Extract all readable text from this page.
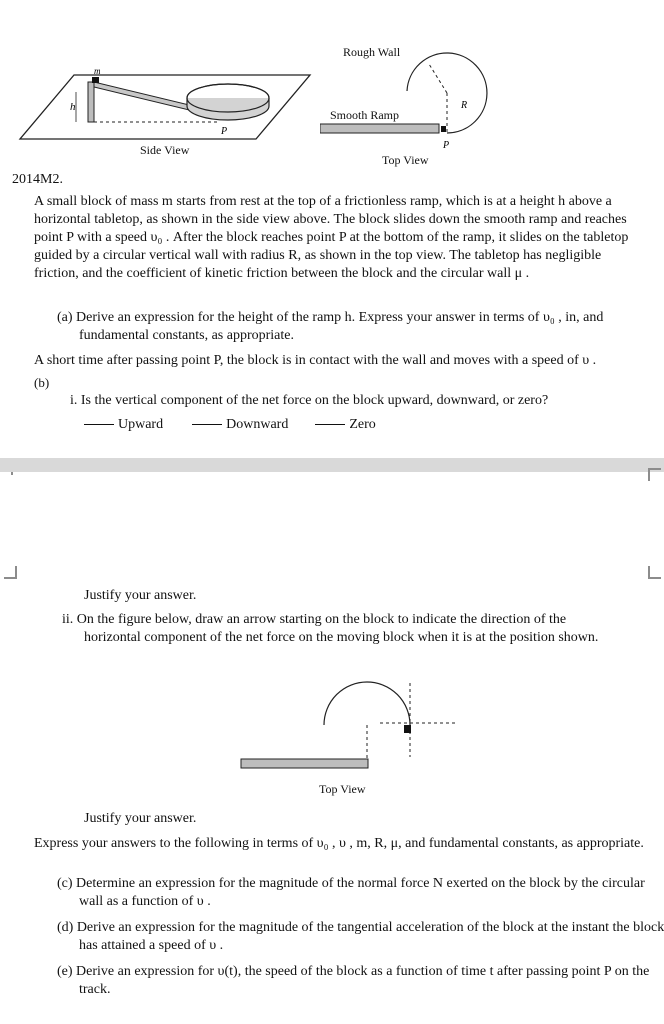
h
m
P
Side View
R
P
Rough Wall
Smooth Ramp
Top View
2014M2.
A small block of mass m starts from rest at the top of a frictionless ramp, which is at a height h above a horizontal tabletop, as shown in the side view above. The block slides down the smooth ramp and reaches point P with a speed υ₀ . After the block reaches point P at the bottom of the ramp, it slides on the tabletop guided by a circular vertical wall with radius R, as shown in the top view. The tabletop has negligible friction, and the coefficient of kinetic friction between the block and the circular wall μ .
(a) Derive an expression for the height of the ramp h. Express your answer in terms of υ₀ , in, and fundamental constants, as appropriate.
A short time after passing point P, the block is in contact with the wall and moves with a speed of υ .
(b)
i. Is the vertical component of the net force on the block upward, downward, or zero?
Upward	Downward	Zero
Justify your answer.
ii. On the figure below, draw an arrow starting on the block to indicate the direction of the horizontal component of the net force on the moving block when it is at the position shown.
Top View
Justify your answer.
Express your answers to the following in terms of υ₀ , υ , m, R, μ, and fundamental constants, as appropriate.
(c) Determine an expression for the magnitude of the normal force N exerted on the block by the circular wall as a function of υ .
(d) Derive an expression for the magnitude of the tangential acceleration of the block at the instant the block has attained a speed of υ .
(e) Derive an expression for υ(t), the speed of the block as a function of time t after passing point P on the track.
